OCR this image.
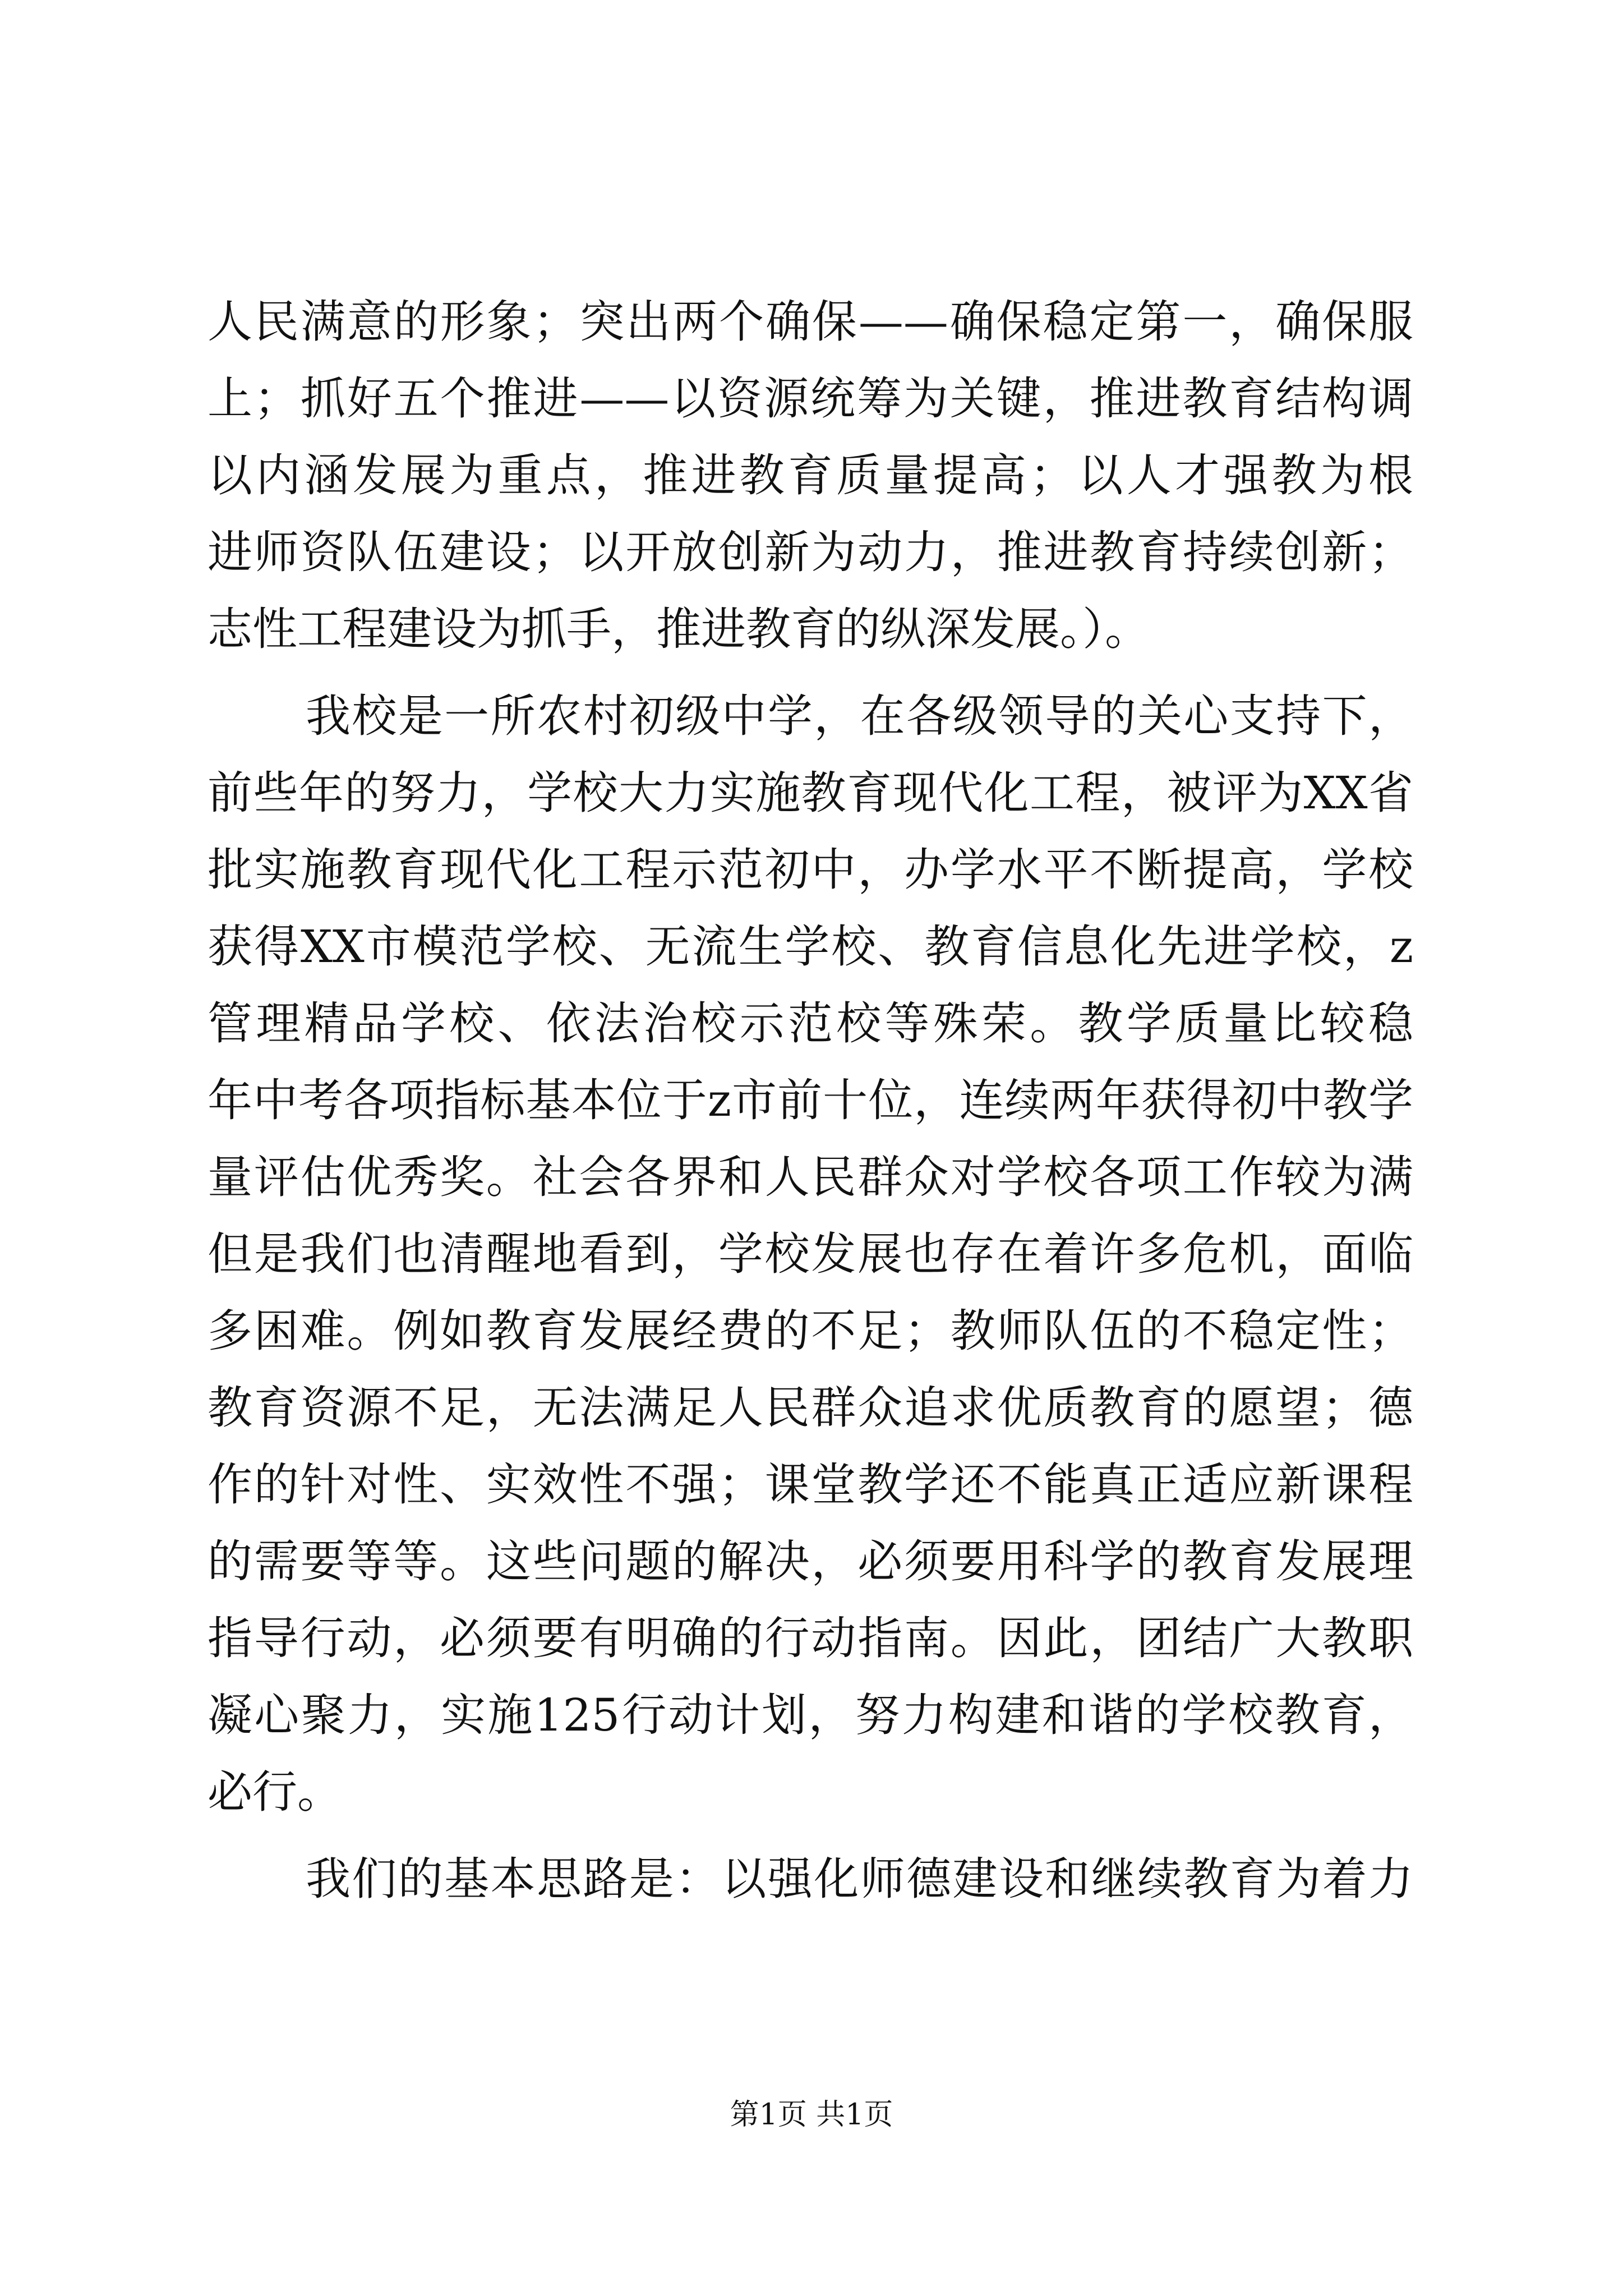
人民满意的形象；突出两个确保——确保稳定第一，确保服
上；抓好五个推进——以资源统筹为关键，推进教育结构调
以内涵发展为重点，推进教育质量提高；以人才强教为根
进师资队伍建设；以开放创新为动力，推进教育持续创新；
志性工程建设为抓手，推进教育的纵深发展。）。
我校是一所农村初级中学，在各级领导的关心支持下，
前些年的努力，学校大力实施教育现代化工程，被评为XX省
批实施教育现代化工程示范初中，办学水平不断提高，学校
获得XX市模范学校、无流生学校、教育信息化先进学校，z
管理精品学校、依法治校示范校等殊荣。教学质量比较稳
年中考各项指标基本位于z市前十位，连续两年获得初中教学
量评估优秀奖。社会各界和人民群众对学校各项工作较为满
但是我们也清醒地看到，学校发展也存在着许多危机，面临
多困难。例如教育发展经费的不足；教师队伍的不稳定性；
教育资源不足，无法满足人民群众追求优质教育的愿望；德
作的针对性、实效性不强；课堂教学还不能真正适应新课程
的需要等等。这些问题的解决，必须要用科学的教育发展理
指导行动，必须要有明确的行动指南。因此，团结广大教职
凝心聚力，实施125行动计划，努力构建和谐的学校教育，
必行。
我们的基本思路是：以强化师德建设和继续教育为着力
第1页 共1页
